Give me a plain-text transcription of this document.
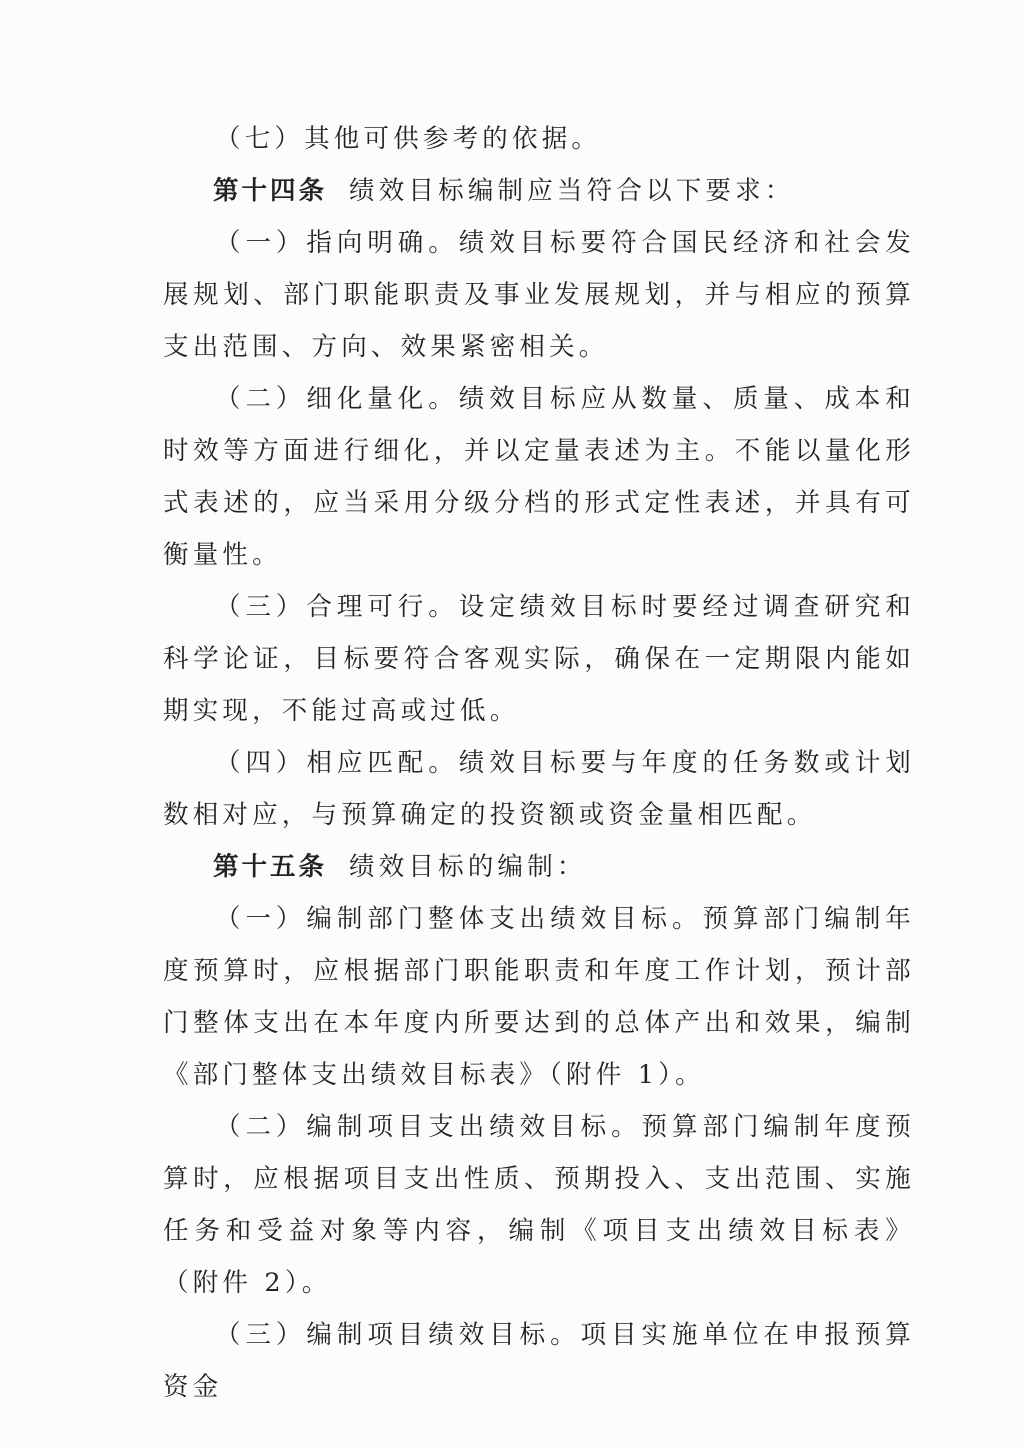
（七）其他可供参考的依据。

第十四条 绩效目标编制应当符合以下要求：

（一）指向明确。绩效目标要符合国民经济和社会发展规划、部门职能职责及事业发展规划，并与相应的预算支出范围、方向、效果紧密相关。

（二）细化量化。绩效目标应从数量、质量、成本和时效等方面进行细化，并以定量表述为主。不能以量化形式表述的，应当采用分级分档的形式定性表述，并具有可衡量性。

（三）合理可行。设定绩效目标时要经过调查研究和科学论证，目标要符合客观实际，确保在一定期限内能如期实现，不能过高或过低。

（四）相应匹配。绩效目标要与年度的任务数或计划数相对应，与预算确定的投资额或资金量相匹配。

第十五条 绩效目标的编制：

（一）编制部门整体支出绩效目标。预算部门编制年度预算时，应根据部门职能职责和年度工作计划，预计部门整体支出在本年度内所要达到的总体产出和效果，编制《部门整体支出绩效目标表》（附件 1）。

（二）编制项目支出绩效目标。预算部门编制年度预算时，应根据项目支出性质、预期投入、支出范围、实施任务和受益对象等内容，编制《项目支出绩效目标表》（附件 2）。

（三）编制项目绩效目标。项目实施单位在申报预算资金
